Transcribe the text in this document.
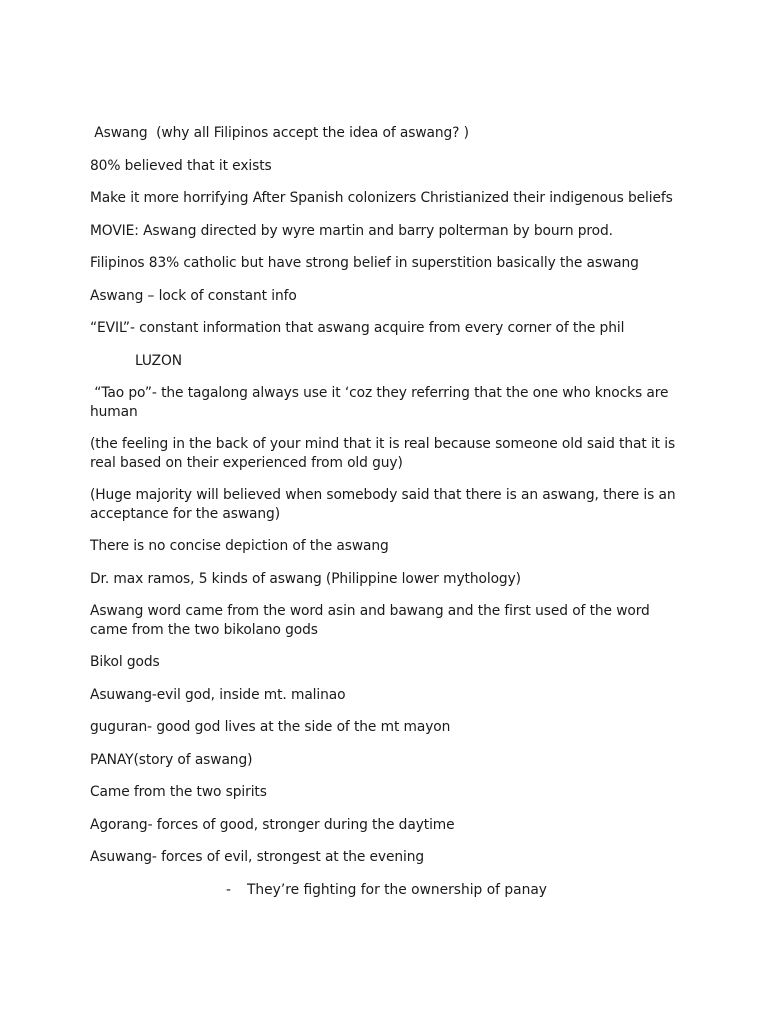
Aswang  (why all Filipinos accept the idea of aswang? )

80% believed that it exists

Make it more horrifying After Spanish colonizers Christianized their indigenous beliefs

MOVIE: Aswang directed by wyre martin and barry polterman by bourn prod.

Filipinos 83% catholic but have strong belief in superstition basically the aswang

Aswang – lock of constant info

“EVIL”- constant information that aswang acquire from every corner of the phil

LUZON

“Tao po”- the tagalong always use it ‘coz they referring that the one who knocks are human

(the feeling in the back of your mind that it is real because someone old said that it is real based on their experienced from old guy)

(Huge majority will believed when somebody said that there is an aswang, there is an acceptance for the aswang)

There is no concise depiction of the aswang

Dr. max ramos, 5 kinds of aswang (Philippine lower mythology)

Aswang word came from the word asin and bawang and the first used of the word came from the two bikolano gods

Bikol gods

Asuwang-evil god, inside mt. malinao

guguran- good god lives at the side of the mt mayon

PANAY(story of aswang)

Came from the two spirits

Agorang- forces of good, stronger during the daytime

Asuwang- forces of evil, strongest at the evening

-	They’re fighting for the ownership of panay
